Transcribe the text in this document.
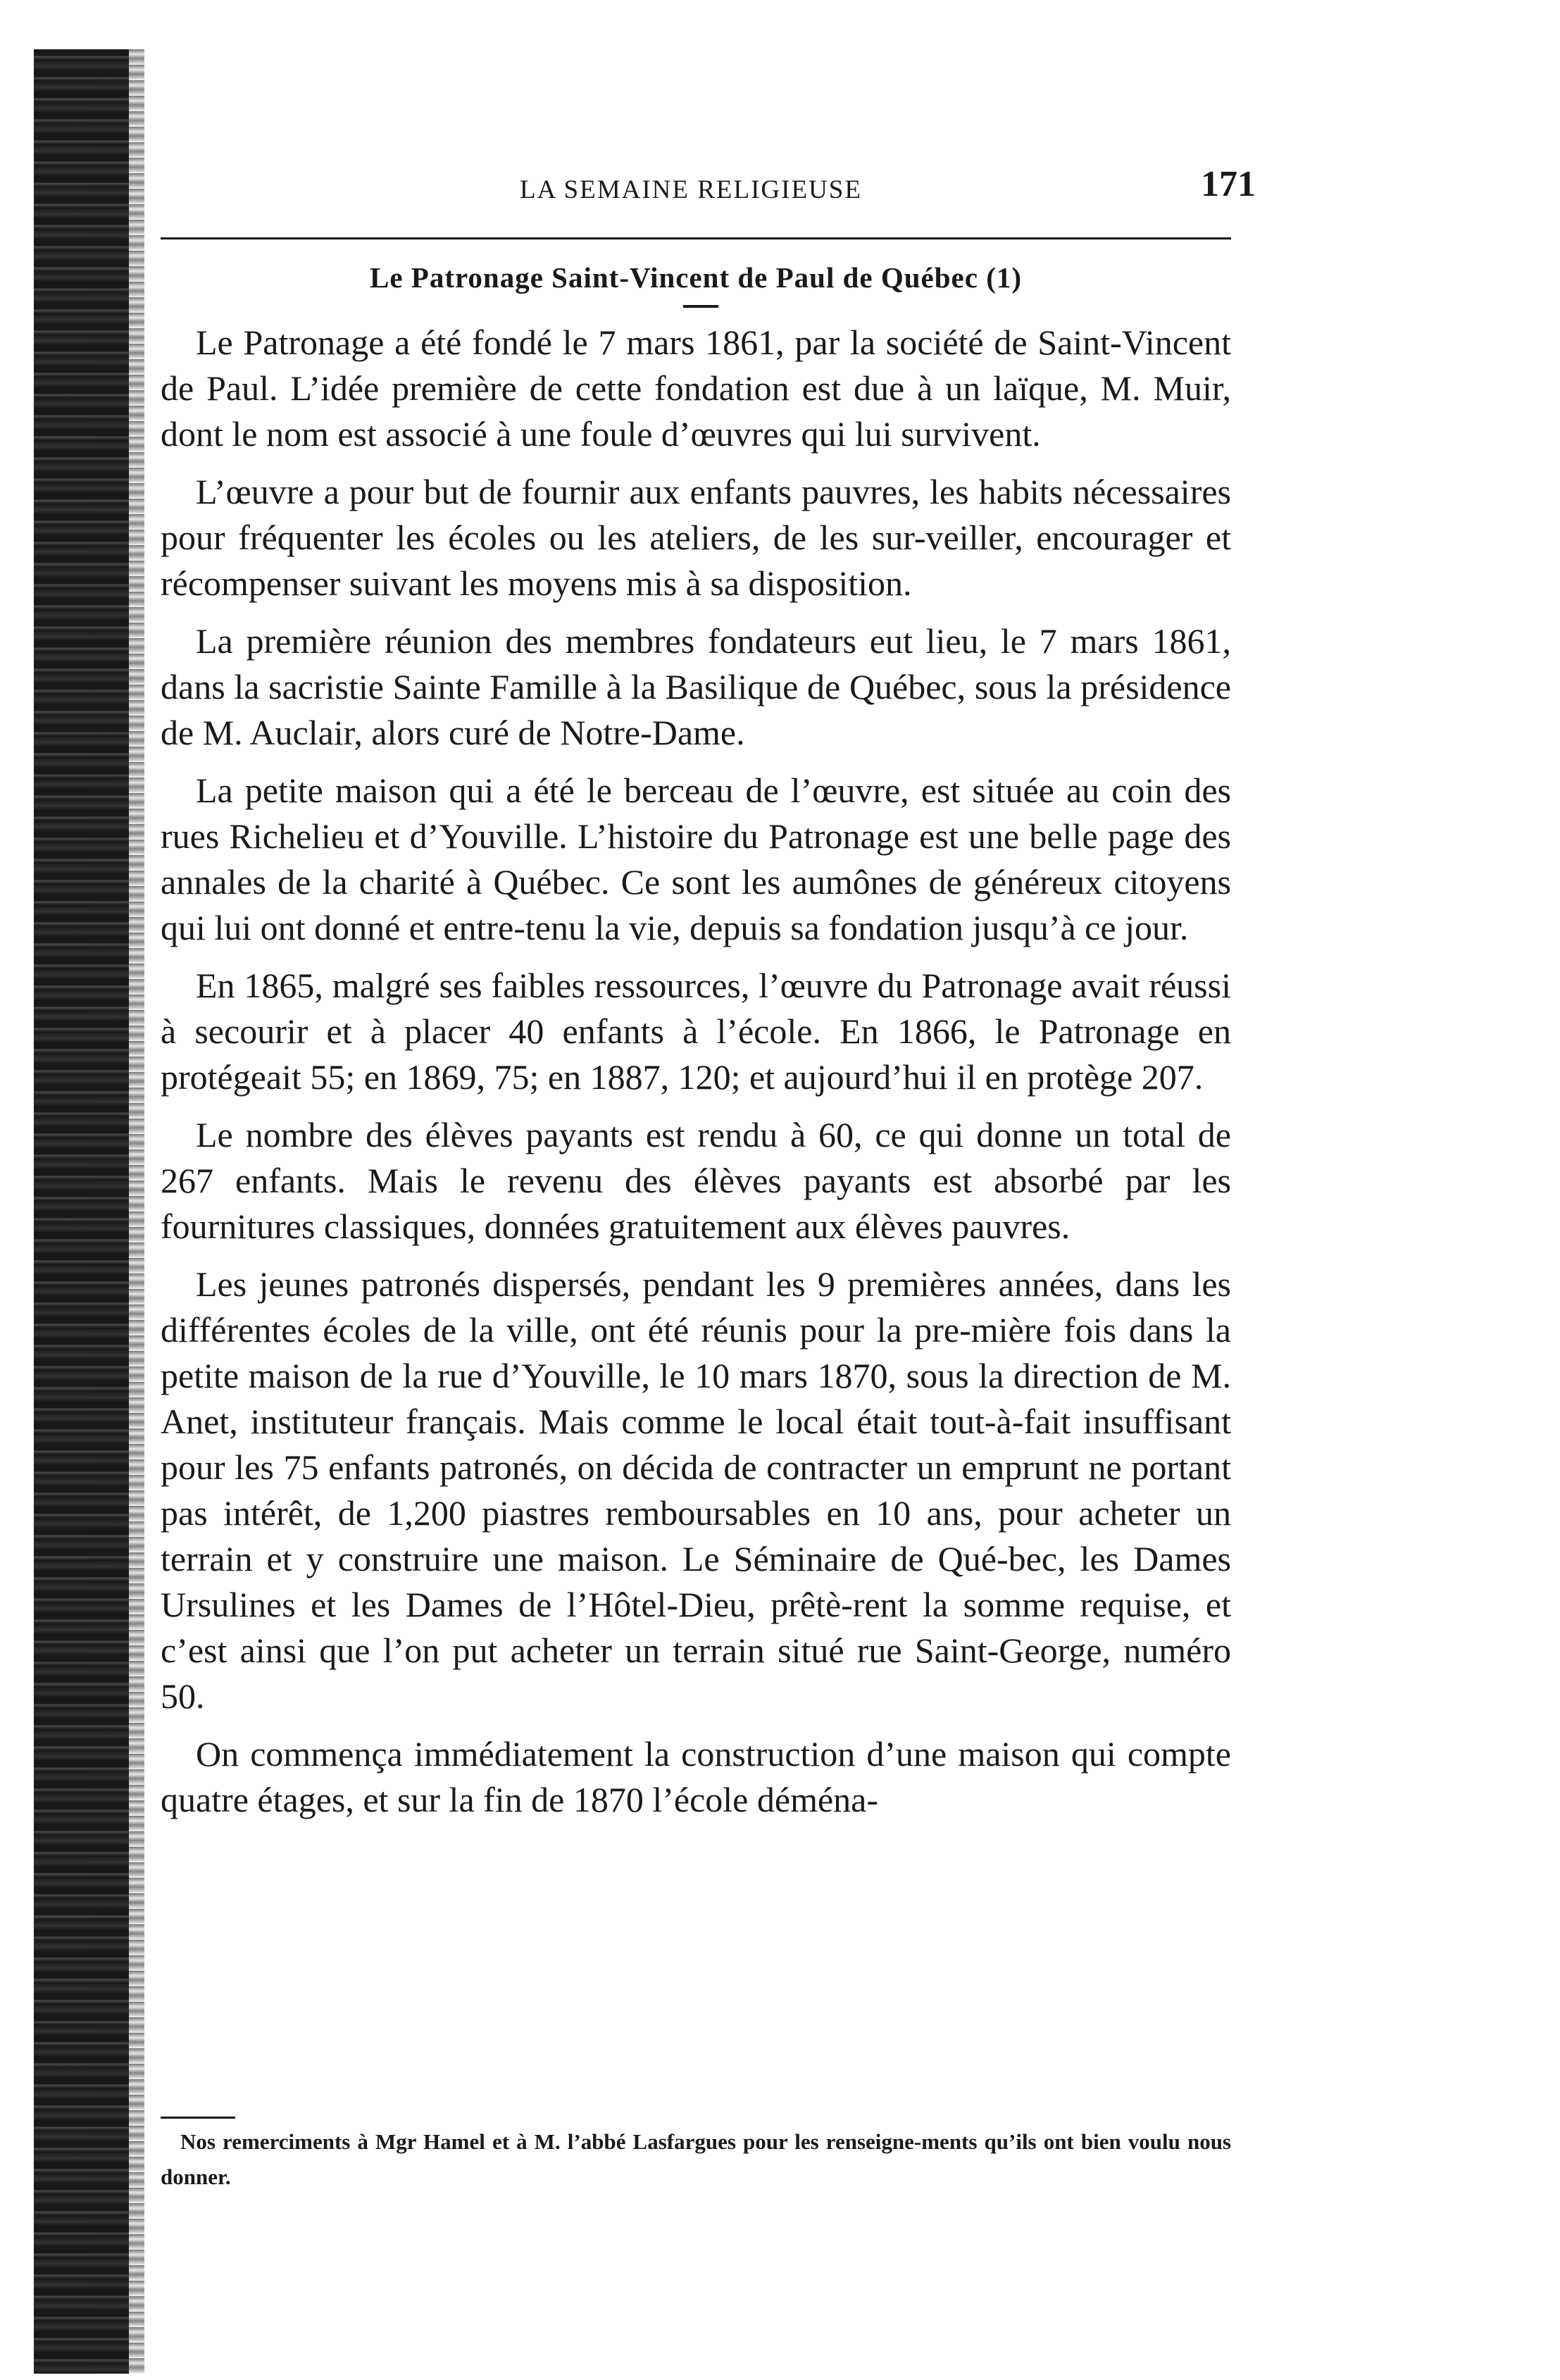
LA SEMAINE RELIGIEUSE	171
Le Patronage Saint-Vincent de Paul de Québec (1)

Le Patronage a été fondé le 7 mars 1861, par la société de Saint-Vincent de Paul. L’idée première de cette fondation est due à un laïque, M. Muir, dont le nom est associé à une foule d’œuvres qui lui survivent.

L’œuvre a pour but de fournir aux enfants pauvres, les habits nécessaires pour fréquenter les écoles ou les ateliers, de les sur-veiller, encourager et récompenser suivant les moyens mis à sa disposition.

La première réunion des membres fondateurs eut lieu, le 7 mars 1861, dans la sacristie Sainte Famille à la Basilique de Québec, sous la présidence de M. Auclair, alors curé de Notre-Dame.

La petite maison qui a été le berceau de l’œuvre, est située au coin des rues Richelieu et d’Youville. L’histoire du Patronage est une belle page des annales de la charité à Québec. Ce sont les aumônes de généreux citoyens qui lui ont donné et entre-tenu la vie, depuis sa fondation jusqu’à ce jour.

En 1865, malgré ses faibles ressources, l’œuvre du Patronage avait réussi à secourir et à placer 40 enfants à l’école. En 1866, le Patronage en protégeait 55; en 1869, 75; en 1887, 120; et aujourd’hui il en protège 207.

Le nombre des élèves payants est rendu à 60, ce qui donne un total de 267 enfants. Mais le revenu des élèves payants est absorbé par les fournitures classiques, données gratuitement aux élèves pauvres.

Les jeunes patronés dispersés, pendant les 9 premières années, dans les différentes écoles de la ville, ont été réunis pour la pre-mière fois dans la petite maison de la rue d’Youville, le 10 mars 1870, sous la direction de M. Anet, instituteur français. Mais comme le local était tout-à-fait insuffisant pour les 75 enfants patronés, on décida de contracter un emprunt ne portant pas intérêt, de 1,200 piastres remboursables en 10 ans, pour acheter un terrain et y construire une maison. Le Séminaire de Qué-bec, les Dames Ursulines et les Dames de l’Hôtel-Dieu, prêtè-rent la somme requise, et c’est ainsi que l’on put acheter un terrain situé rue Saint-George, numéro 50.

On commença immédiatement la construction d’une maison qui compte quatre étages, et sur la fin de 1870 l’école déména-

Nos remerciments à Mgr Hamel et à M. l’abbé Lasfargues pour les renseigne-ments qu’ils ont bien voulu nous donner.
